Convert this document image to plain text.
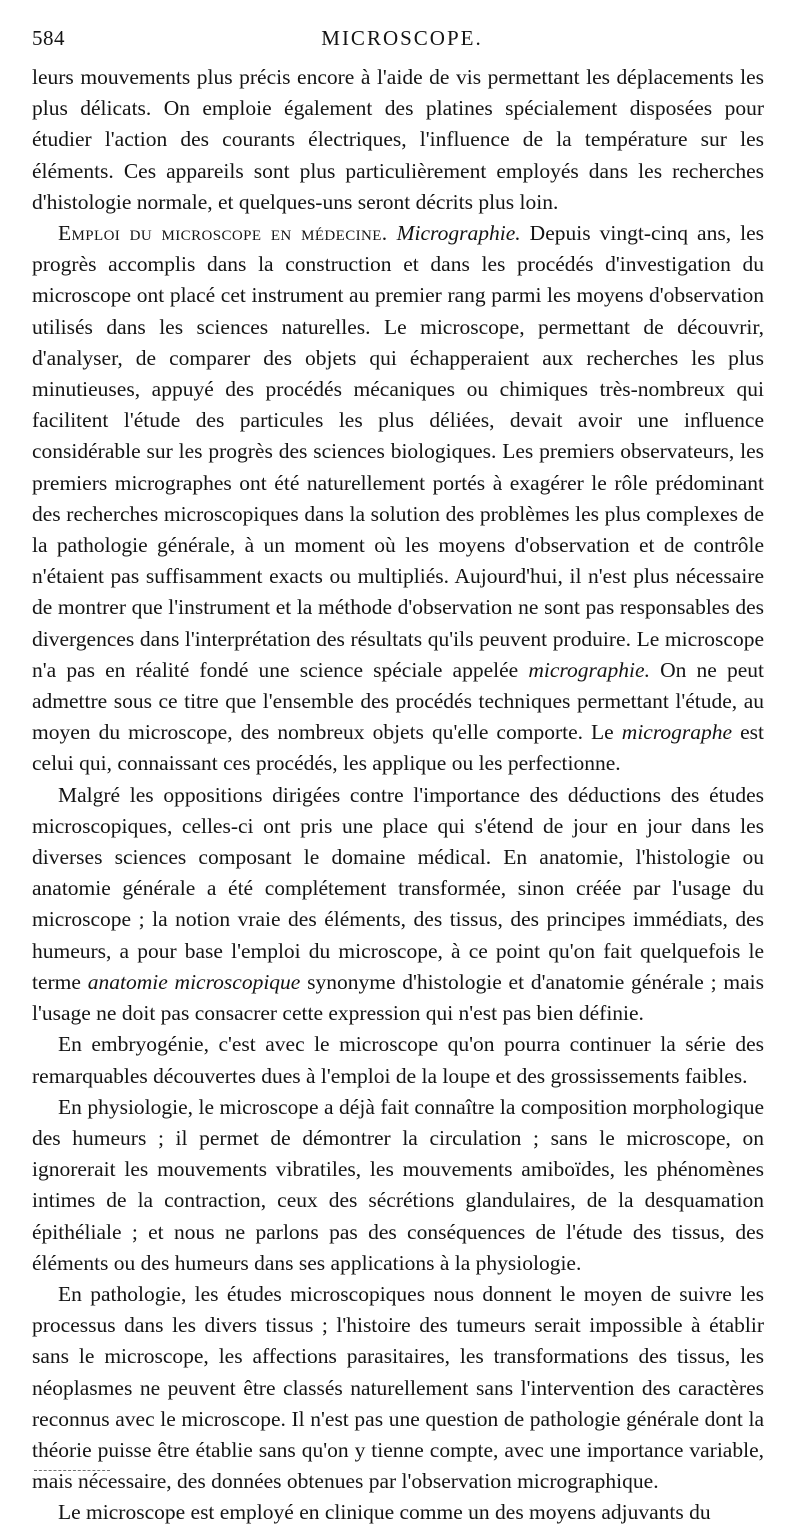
584	MICROSCOPE.

leurs mouvements plus précis encore à l'aide de vis permettant les déplacements les plus délicats. On emploie également des platines spécialement disposées pour étudier l'action des courants électriques, l'influence de la température sur les éléments. Ces appareils sont plus particulièrement employés dans les recherches d'histologie normale, et quelques-uns seront décrits plus loin.

Emploi du microscope en médecine. Micrographie. Depuis vingt-cinq ans, les progrès accomplis dans la construction et dans les procédés d'investigation du microscope ont placé cet instrument au premier rang parmi les moyens d'observation utilisés dans les sciences naturelles. Le microscope, permettant de découvrir, d'analyser, de comparer des objets qui échapperaient aux recherches les plus minutieuses, appuyé des procédés mécaniques ou chimiques très-nombreux qui facilitent l'étude des particules les plus déliées, devait avoir une influence considérable sur les progrès des sciences biologiques. Les premiers observateurs, les premiers micrographes ont été naturellement portés à exagérer le rôle prédominant des recherches microscopiques dans la solution des problèmes les plus complexes de la pathologie générale, à un moment où les moyens d'observation et de contrôle n'étaient pas suffisamment exacts ou multipliés. Aujourd'hui, il n'est plus nécessaire de montrer que l'instrument et la méthode d'observation ne sont pas responsables des divergences dans l'interprétation des résultats qu'ils peuvent produire. Le microscope n'a pas en réalité fondé une science spéciale appelée micrographie. On ne peut admettre sous ce titre que l'ensemble des procédés techniques permettant l'étude, au moyen du microscope, des nombreux objets qu'elle comporte. Le micrographe est celui qui, connaissant ces procédés, les applique ou les perfectionne.

Malgré les oppositions dirigées contre l'importance des déductions des études microscopiques, celles-ci ont pris une place qui s'étend de jour en jour dans les diverses sciences composant le domaine médical. En anatomie, l'histologie ou anatomie générale a été complétement transformée, sinon créée par l'usage du microscope ; la notion vraie des éléments, des tissus, des principes immédiats, des humeurs, a pour base l'emploi du microscope, à ce point qu'on fait quelquefois le terme anatomie microscopique synonyme d'histologie et d'anatomie générale ; mais l'usage ne doit pas consacrer cette expression qui n'est pas bien définie.

En embryogénie, c'est avec le microscope qu'on pourra continuer la série des remarquables découvertes dues à l'emploi de la loupe et des grossissements faibles.

En physiologie, le microscope a déjà fait connaître la composition morphologique des humeurs ; il permet de démontrer la circulation ; sans le microscope, on ignorerait les mouvements vibratiles, les mouvements amiboïdes, les phénomènes intimes de la contraction, ceux des sécrétions glandulaires, de la desquamation épithéliale ; et nous ne parlons pas des conséquences de l'étude des tissus, des éléments ou des humeurs dans ses applications à la physiologie.

En pathologie, les études microscopiques nous donnent le moyen de suivre les processus dans les divers tissus ; l'histoire des tumeurs serait impossible à établir sans le microscope, les affections parasitaires, les transformations des tissus, les néoplasmes ne peuvent être classés naturellement sans l'intervention des caractères reconnus avec le microscope. Il n'est pas une question de pathologie générale dont la théorie puisse être établie sans qu'on y tienne compte, avec une importance variable, mais nécessaire, des données obtenues par l'observation micrographique.

Le microscope est employé en clinique comme un des moyens adjuvants du
